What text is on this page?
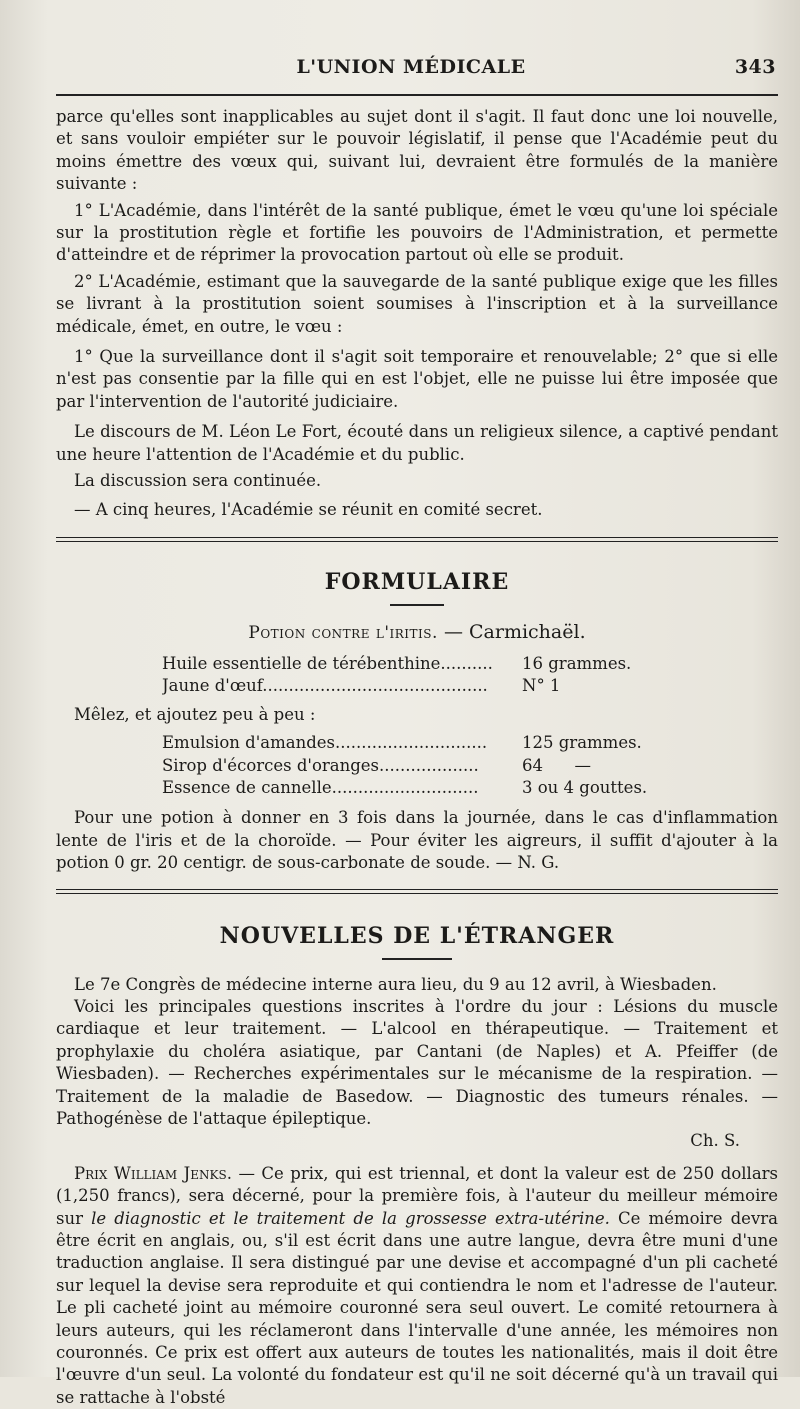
L'UNION MÉDICALE	343

parce qu'elles sont inapplicables au sujet dont il s'agit. Il faut donc une loi nouvelle, et sans vouloir empiéter sur le pouvoir législatif, il pense que l'Académie peut du moins émettre des vœux qui, suivant lui, devraient être formulés de la manière suivante :

1° L'Académie, dans l'intérêt de la santé publique, émet le vœu qu'une loi spéciale sur la prostitution règle et fortifie les pouvoirs de l'Administration, et permette d'atteindre et de réprimer la provocation partout où elle se produit.

2° L'Académie, estimant que la sauvegarde de la santé publique exige que les filles se livrant à la prostitution soient soumises à l'inscription et à la surveillance médicale, émet, en outre, le vœu :

1° Que la surveillance dont il s'agit soit temporaire et renouvelable; 2° que si elle n'est pas consentie par la fille qui en est l'objet, elle ne puisse lui être imposée que par l'intervention de l'autorité judiciaire.

Le discours de M. Léon Le Fort, écouté dans un religieux silence, a captivé pendant une heure l'attention de l'Académie et du public.

La discussion sera continuée.

— A cinq heures, l'Académie se réunit en comité secret.

FORMULAIRE
Potion contre l'iritis. — Carmichaël.
Huile essentielle de térébenthine..........	16 grammes.
Jaune d'œuf...........................................	N° 1
Mêlez, et ajoutez peu à peu :
Emulsion d'amandes.............................	125 grammes.
Sirop d'écorces d'oranges...................	64      —
Essence de cannelle............................	3 ou 4 gouttes.

Pour une potion à donner en 3 fois dans la journée, dans le cas d'inflammation lente de l'iris et de la choroïde. — Pour éviter les aigreurs, il suffit d'ajouter à la potion 0 gr. 20 centigr. de sous-carbonate de soude. — N. G.

NOUVELLES DE L'ÉTRANGER

Le 7e Congrès de médecine interne aura lieu, du 9 au 12 avril, à Wiesbaden.

Voici les principales questions inscrites à l'ordre du jour : Lésions du muscle cardiaque et leur traitement. — L'alcool en thérapeutique. — Traitement et prophylaxie du choléra asiatique, par Cantani (de Naples) et A. Pfeiffer (de Wiesbaden). — Recherches expérimentales sur le mécanisme de la respiration. — Traitement de la maladie de Basedow. — Diagnostic des tumeurs rénales. — Pathogénèse de l'attaque épileptique.

Ch. S.

Prix William Jenks. — Ce prix, qui est triennal, et dont la valeur est de 250 dollars (1,250 francs), sera décerné, pour la première fois, à l'auteur du meilleur mémoire sur le diagnostic et le traitement de la grossesse extra-utérine. Ce mémoire devra être écrit en anglais, ou, s'il est écrit dans une autre langue, devra être muni d'une traduction anglaise. Il sera distingué par une devise et accompagné d'un pli cacheté sur lequel la devise sera reproduite et qui contiendra le nom et l'adresse de l'auteur. Le pli cacheté joint au mémoire couronné sera seul ouvert. Le comité retournera à leurs auteurs, qui les réclameront dans l'intervalle d'une année, les mémoires non couronnés. Ce prix est offert aux auteurs de toutes les nationalités, mais il doit être l'œuvre d'un seul. La volonté du fondateur est qu'il ne soit décerné qu'à un travail qui se rattache à l'obsté
